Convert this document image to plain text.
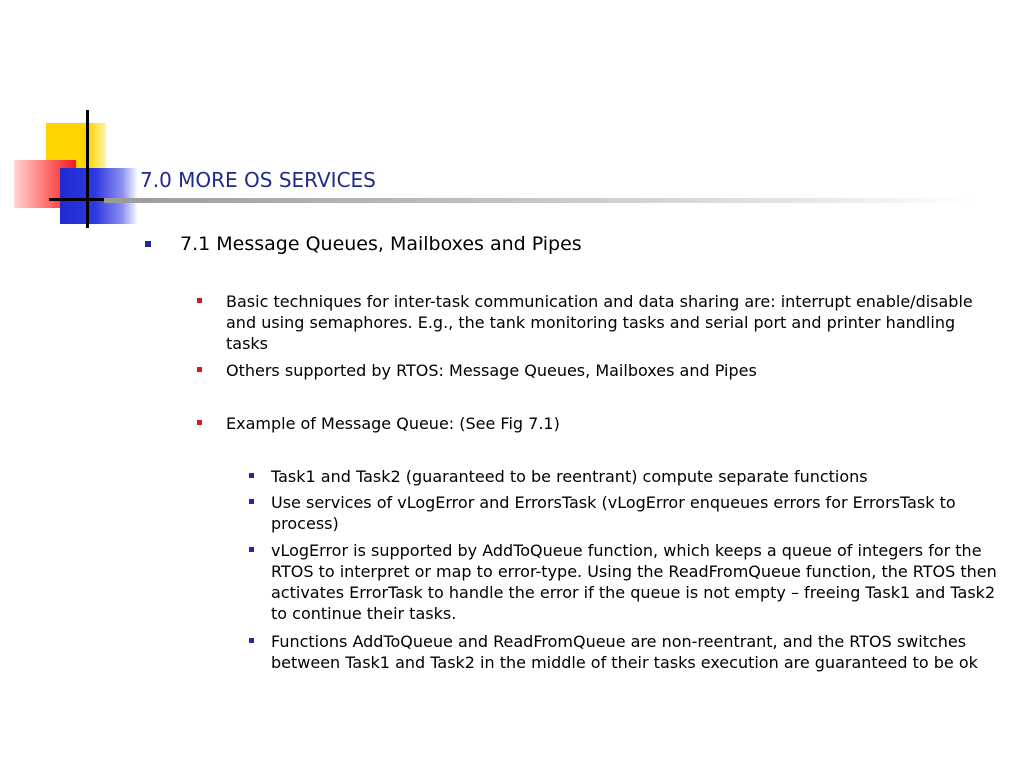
7.0 MORE OS SERVICES
7.1 Message Queues, Mailboxes and Pipes
Basic techniques for inter-task communication and data sharing are: interrupt enable/disable and using semaphores. E.g., the tank monitoring tasks and serial port and printer handling tasks
Others supported by RTOS: Message Queues, Mailboxes and Pipes
Example of Message Queue: (See Fig 7.1)
Task1 and Task2 (guaranteed to be reentrant) compute separate functions
Use services of vLogError and ErrorsTask (vLogError enqueues errors for ErrorsTask to process)
vLogError is supported by AddToQueue function, which keeps a queue of integers for the RTOS to interpret or map to error-type. Using the ReadFromQueue function, the RTOS then activates ErrorTask to handle the error if the queue is not empty – freeing Task1 and Task2 to continue their tasks.
Functions AddToQueue and ReadFromQueue are non-reentrant, and the RTOS switches between Task1 and Task2 in the middle of their tasks execution are guaranteed to be ok
